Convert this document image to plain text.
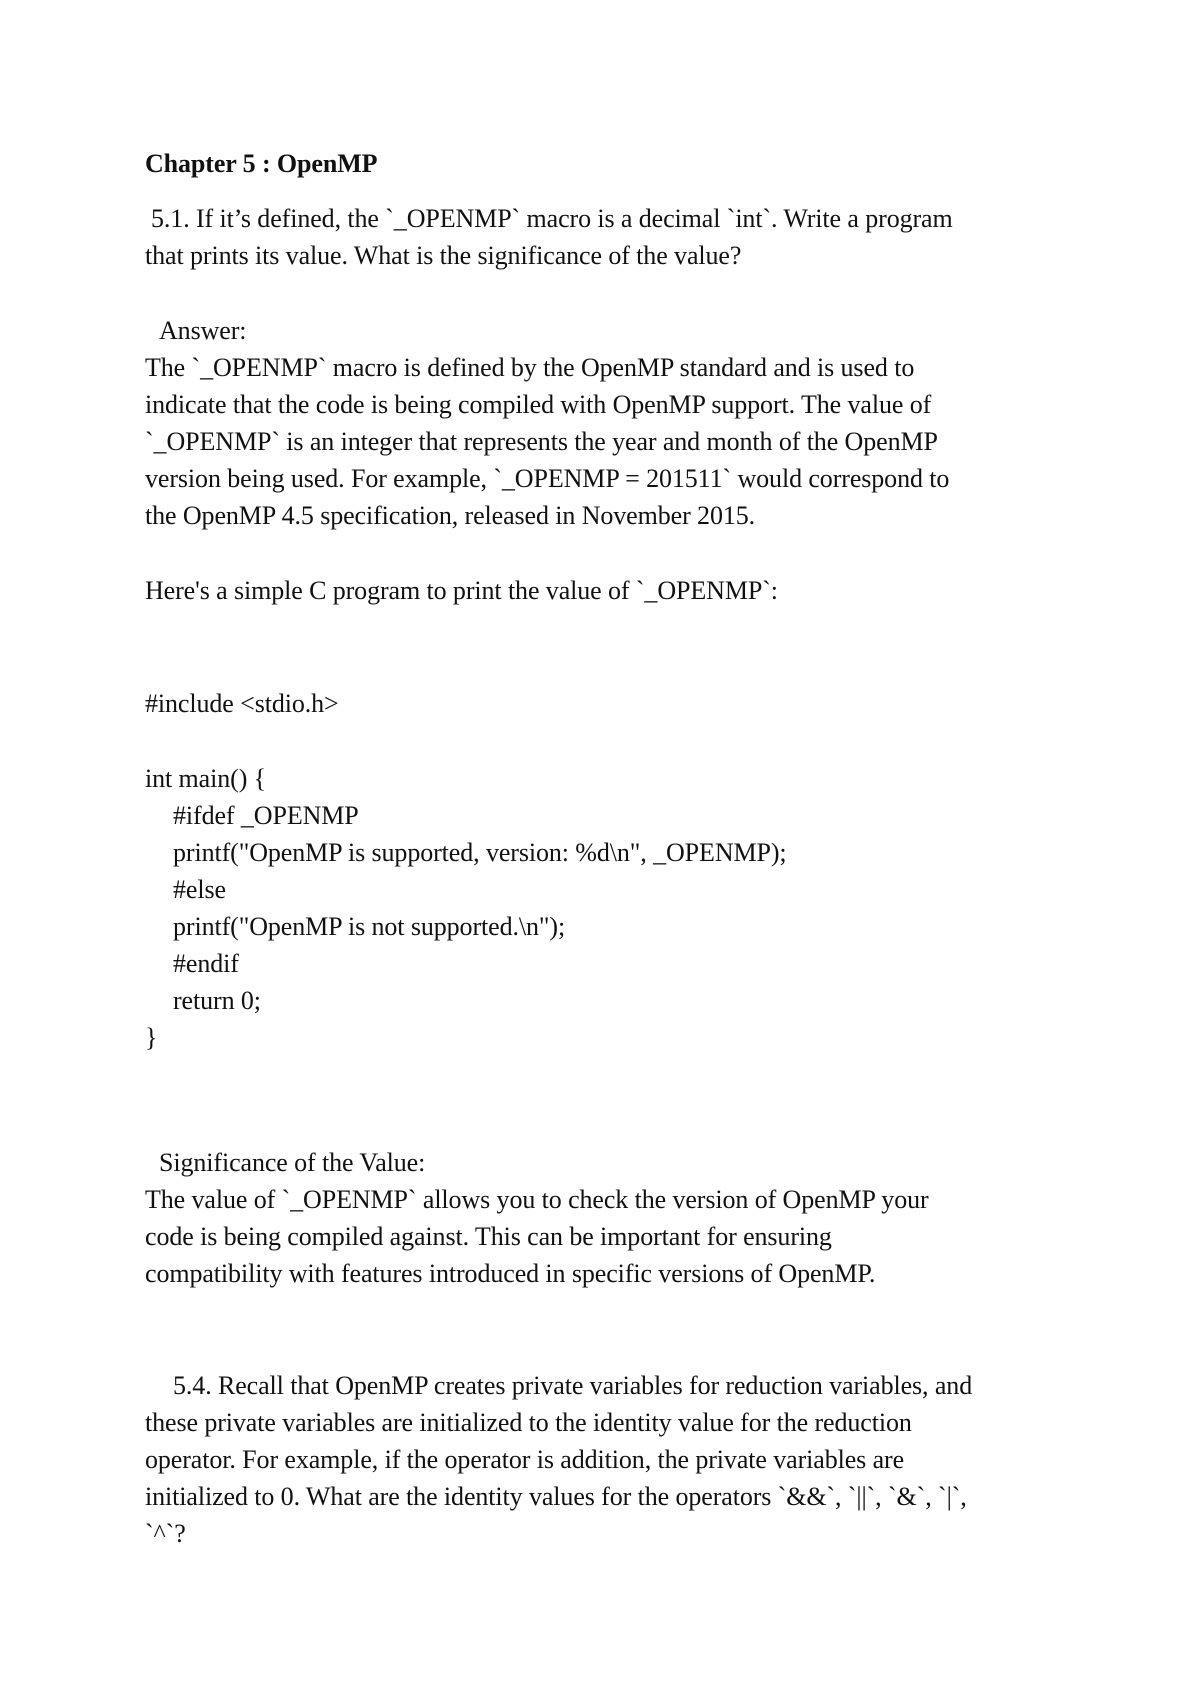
Chapter 5 : OpenMP
5.1. If it’s defined, the `_OPENMP` macro is a decimal `int`. Write a program
that prints its value. What is the significance of the value?
Answer:
The `_OPENMP` macro is defined by the OpenMP standard and is used to
indicate that the code is being compiled with OpenMP support. The value of
`_OPENMP` is an integer that represents the year and month of the OpenMP
version being used. For example, `_OPENMP = 201511` would correspond to
the OpenMP 4.5 specification, released in November 2015.
Here's a simple C program to print the value of `_OPENMP`:
#include <stdio.h>
int main() {
#ifdef _OPENMP
printf("OpenMP is supported, version: %d\n", _OPENMP);
#else
printf("OpenMP is not supported.\n");
#endif
return 0;
}
Significance of the Value:
The value of `_OPENMP` allows you to check the version of OpenMP your
code is being compiled against. This can be important for ensuring
compatibility with features introduced in specific versions of OpenMP.
5.4. Recall that OpenMP creates private variables for reduction variables, and
these private variables are initialized to the identity value for the reduction
operator. For example, if the operator is addition, the private variables are
initialized to 0. What are the identity values for the operators `&&`, `||`, `&`, `|`,
`^`?
